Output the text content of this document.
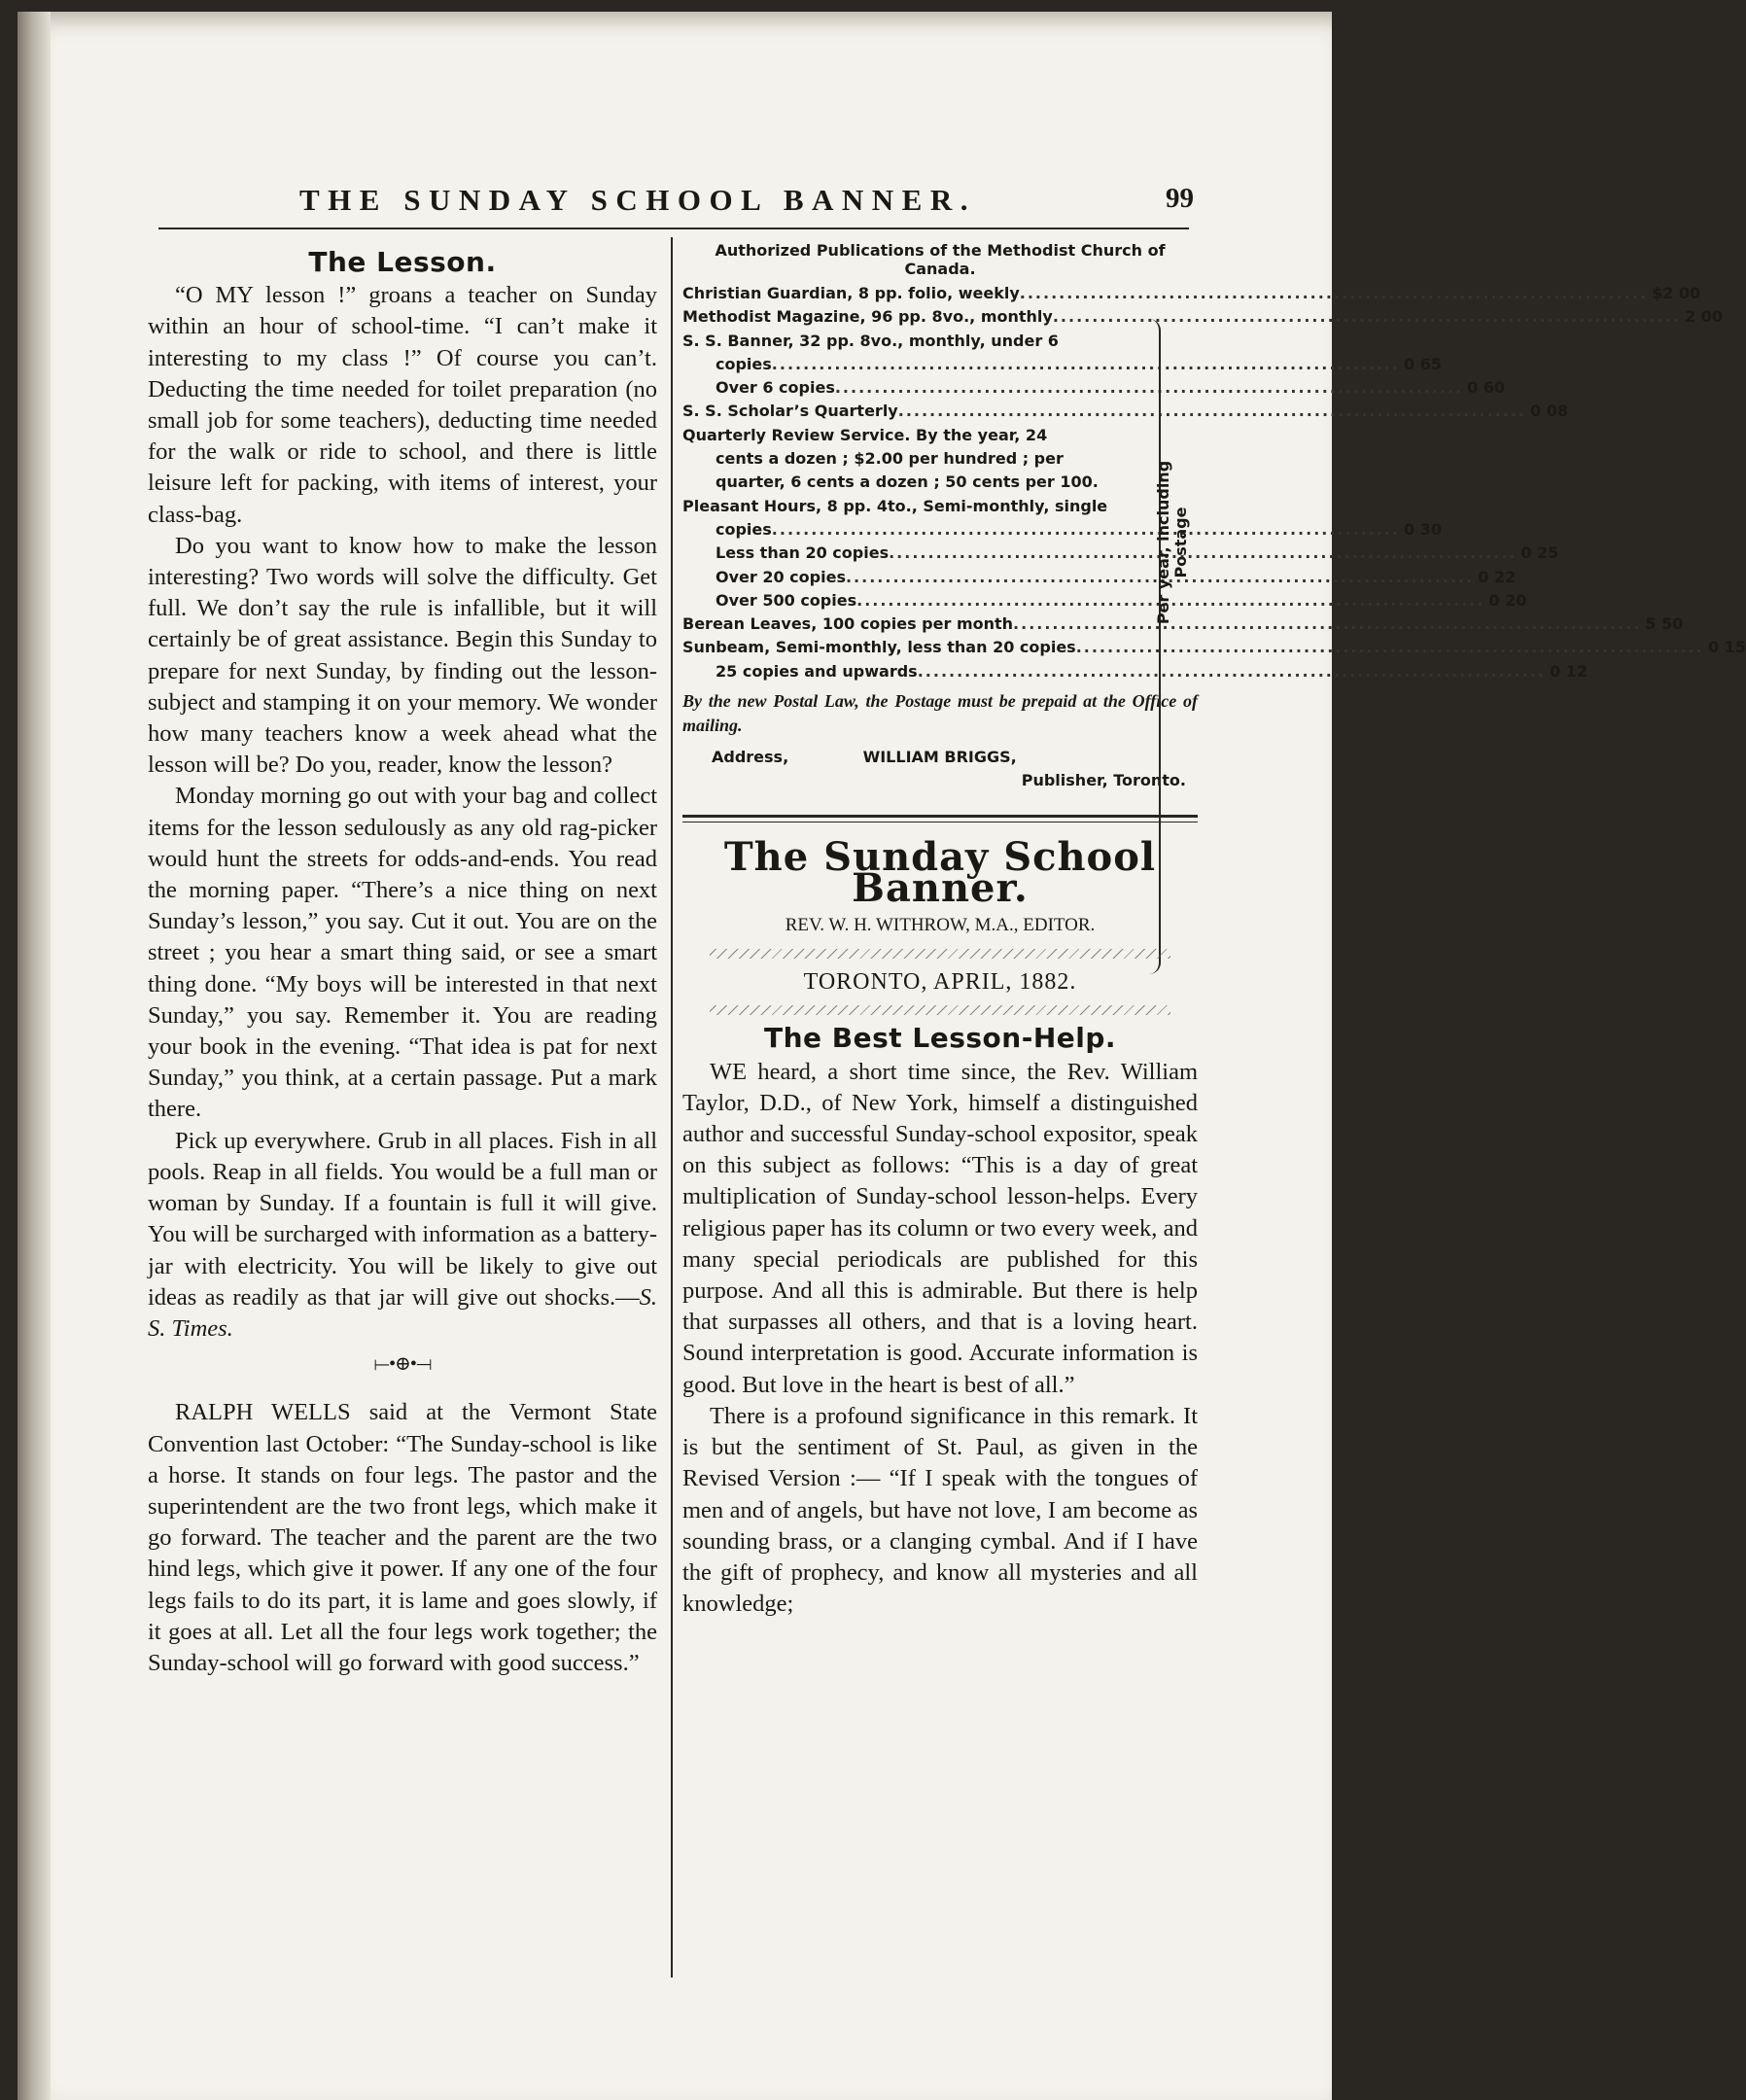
THE SUNDAY SCHOOL BANNER.	99
The Lesson.

“O MY lesson !” groans a teacher on Sunday within an hour of school-time. “I can’t make it interesting to my class !” Of course you can’t. Deducting the time needed for toilet preparation (no small job for some teachers), deducting time needed for the walk or ride to school, and there is little leisure left for packing, with items of interest, your class-bag.

Do you want to know how to make the lesson interesting? Two words will solve the difficulty. Get full. We don’t say the rule is infallible, but it will certainly be of great assistance. Begin this Sunday to prepare for next Sunday, by finding out the lesson-subject and stamping it on your memory. We wonder how many teachers know a week ahead what the lesson will be? Do you, reader, know the lesson?

Monday morning go out with your bag and collect items for the lesson sedulously as any old rag-picker would hunt the streets for odds-and-ends. You read the morning paper. “There’s a nice thing on next Sunday’s lesson,” you say. Cut it out. You are on the street ; you hear a smart thing said, or see a smart thing done. “My boys will be interested in that next Sunday,” you say. Remember it. You are reading your book in the evening. “That idea is pat for next Sunday,” you think, at a certain passage. Put a mark there.

Pick up everywhere. Grub in all places. Fish in all pools. Reap in all fields. You would be a full man or woman by Sunday. If a fountain is full it will give. You will be surcharged with information as a battery-jar with electricity. You will be likely to give out ideas as readily as that jar will give out shocks.—S. S. Times.

⟝•⊕•⟞

RALPH WELLS said at the Vermont State Convention last October: “The Sunday-school is like a horse. It stands on four legs. The pastor and the superintendent are the two front legs, which make it go forward. The teacher and the parent are the two hind legs, which give it power. If any one of the four legs fails to do its part, it is lame and goes slowly, if it goes at all. Let all the four legs work together; the Sunday-school will go forward with good success.”

Authorized Publications of the Methodist Church of Canada.
Christian Guardian, 8 pp. folio, weekly .....	$2 00
Methodist Magazine, 96 pp. 8vo., monthly .....	2 00
S. S. Banner, 32 pp. 8vo., monthly, under 6
copies .....	0 65
Over 6 copies .....	0 60
S. S. Scholar’s Quarterly .....	0 08
Quarterly Review Service. By the year, 24
cents a dozen ; $2.00 per hundred ; per
quarter, 6 cents a dozen ; 50 cents per 100.
Pleasant Hours, 8 pp. 4to., Semi-monthly, single
copies .....	0 30
Less than 20 copies .....	0 25
Over 20 copies .....	0 22
Over 500 copies .....	0 20
Berean Leaves, 100 copies per month .....	5 50
Sunbeam, Semi-monthly, less than 20 copies .....	0 15
25 copies and upwards .....	0 12
Per year, including Postage
By the new Postal Law, the Postage must be prepaid at the Office of mailing.
Address,	WILLIAM BRIGGS,
Publisher, Toronto.
The Sunday School Banner.
REV. W. H. WITHROW, M.A., EDITOR.
TORONTO, APRIL, 1882.
The Best Lesson-Help.

WE heard, a short time since, the Rev. William Taylor, D.D., of New York, himself a distinguished author and successful Sunday-school expositor, speak on this subject as follows: “This is a day of great multiplication of Sunday-school lesson-helps. Every religious paper has its column or two every week, and many special periodicals are published for this purpose. And all this is admirable. But there is help that surpasses all others, and that is a loving heart. Sound interpretation is good. Accurate information is good. But love in the heart is best of all.”

There is a profound significance in this remark. It is but the sentiment of St. Paul, as given in the Revised Version :— “If I speak with the tongues of men and of angels, but have not love, I am become as sounding brass, or a clanging cymbal. And if I have the gift of prophecy, and know all mysteries and all knowledge;
